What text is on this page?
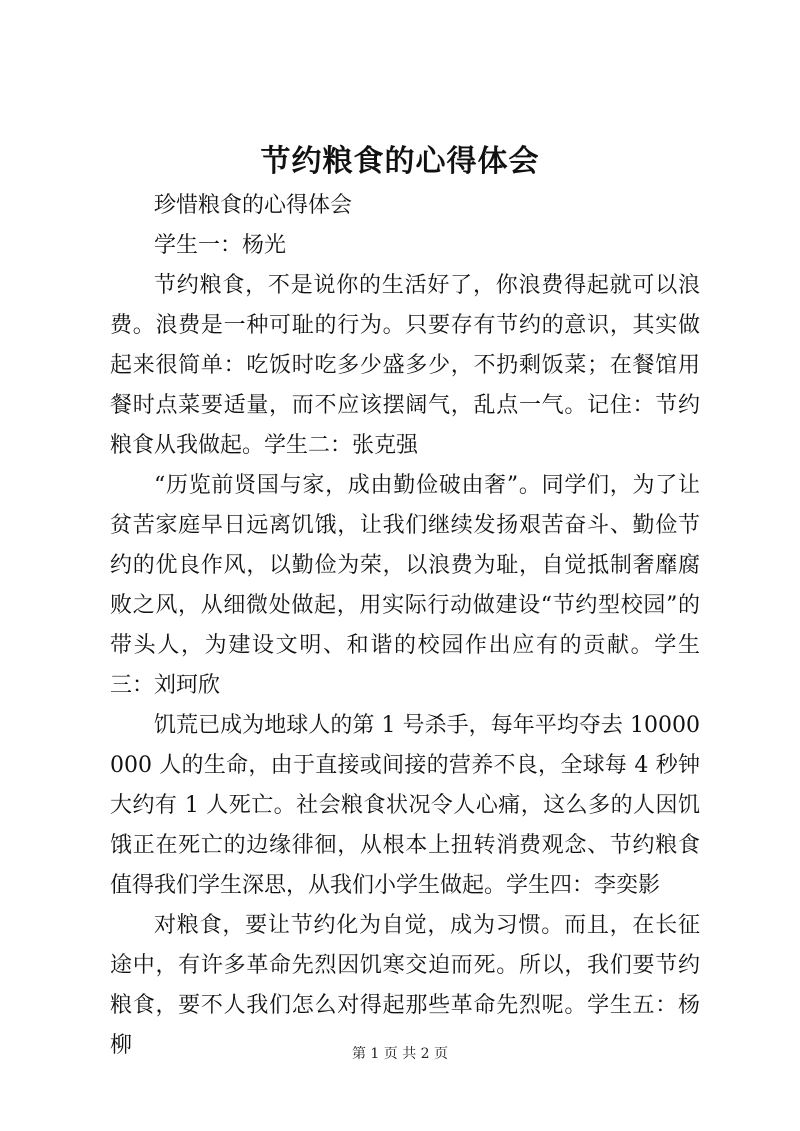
节约粮食的心得体会

珍惜粮食的心得体会

学生一：杨光

节约粮食，不是说你的生活好了，你浪费得起就可以浪费。浪费是一种可耻的行为。只要存有节约的意识，其实做起来很简单：吃饭时吃多少盛多少，不扔剩饭菜；在餐馆用餐时点菜要适量，而不应该摆阔气，乱点一气。记住：节约粮食从我做起。学生二：张克强

“历览前贤国与家，成由勤俭破由奢”。同学们，为了让贫苦家庭早日远离饥饿，让我们继续发扬艰苦奋斗、勤俭节约的优良作风，以勤俭为荣，以浪费为耻，自觉抵制奢靡腐败之风，从细微处做起，用实际行动做建设“节约型校园”的带头人，为建设文明、和谐的校园作出应有的贡献。学生三：刘珂欣

饥荒已成为地球人的第 1 号杀手，每年平均夺去 10000000 人的生命，由于直接或间接的营养不良，全球每 4 秒钟大约有 1 人死亡。社会粮食状况令人心痛，这么多的人因饥饿正在死亡的边缘徘徊，从根本上扭转消费观念、节约粮食值得我们学生深思，从我们小学生做起。学生四：李奕影

对粮食，要让节约化为自觉，成为习惯。而且，在长征途中，有许多革命先烈因饥寒交迫而死。所以，我们要节约粮食，要不人我们怎么对得起那些革命先烈呢。学生五：杨柳	第 1 页 共 2 页
